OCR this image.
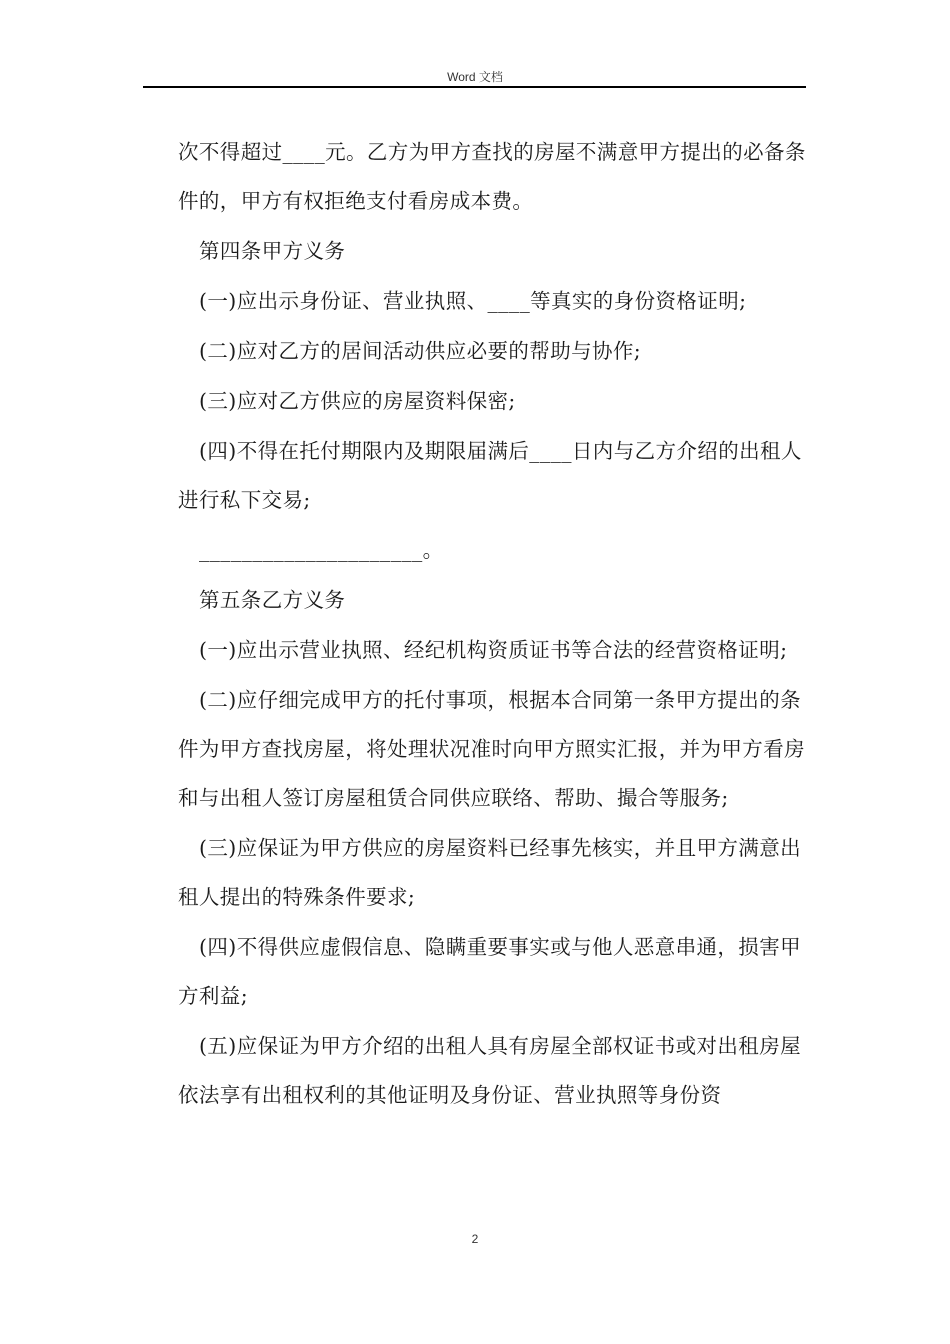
Word 文档

次不得超过____元。乙方为甲方查找的房屋不满意甲方提出的必备条件的，甲方有权拒绝支付看房成本费。

第四条甲方义务

(一)应出示身份证、营业执照、____等真实的身份资格证明;

(二)应对乙方的居间活动供应必要的帮助与协作;

(三)应对乙方供应的房屋资料保密;

(四)不得在托付期限内及期限届满后____日内与乙方介绍的出租人进行私下交易;

_____________________。

第五条乙方义务

(一)应出示营业执照、经纪机构资质证书等合法的经营资格证明;

(二)应仔细完成甲方的托付事项，根据本合同第一条甲方提出的条件为甲方查找房屋，将处理状况准时向甲方照实汇报，并为甲方看房和与出租人签订房屋租赁合同供应联络、帮助、撮合等服务;

(三)应保证为甲方供应的房屋资料已经事先核实，并且甲方满意出租人提出的特殊条件要求;

(四)不得供应虚假信息、隐瞒重要事实或与他人恶意串通，损害甲方利益;

(五)应保证为甲方介绍的出租人具有房屋全部权证书或对出租房屋依法享有出租权利的其他证明及身份证、营业执照等身份资

2
